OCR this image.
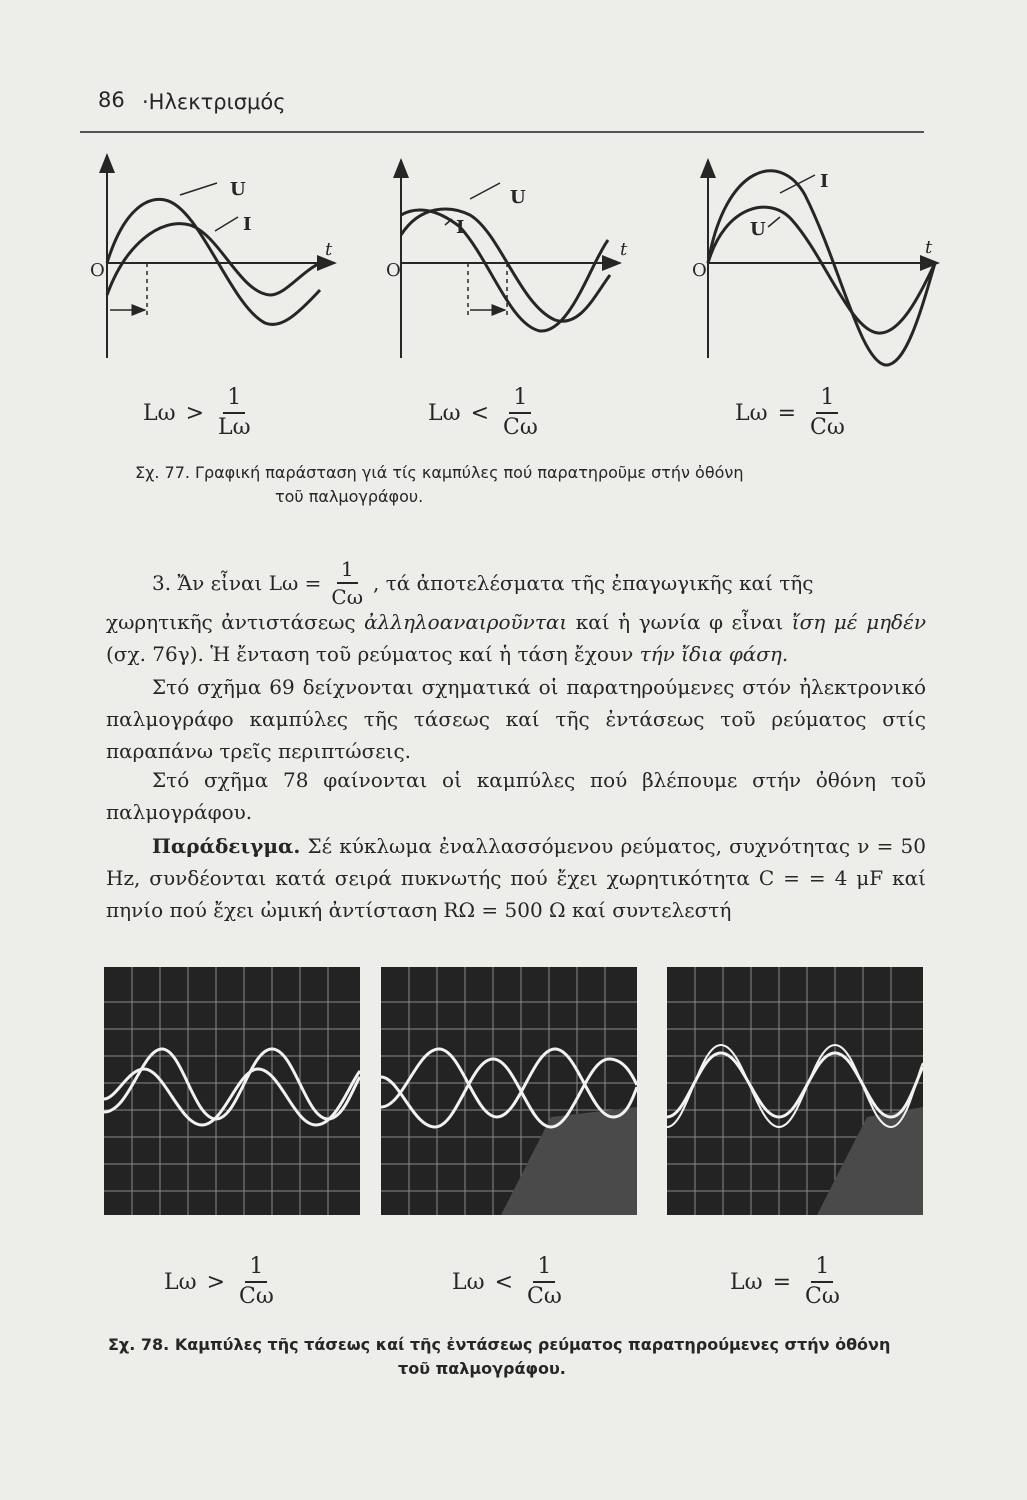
86 ·Ηλεκτρισμός
O
t
U
I
O
t
U
I
O
t
I
U
Lω >
1
Lω
Lω <
1
Cω
$L\omega = \frac{1}{C\omega}$
Σχ. 77. Γραφική παράσταση γιά τίς καμπύλες πού παρατηροῦμε στήν ὀθόνη
τοῦ παλμογράφου.
3. Ἄν εἶναι Lω =
1
Cω
, τά ἀποτελέσματα τῆς ἐπαγωγικῆς καί τῆς
χωρητικῆς ἀντιστάσεως ἀλληλοαναιροῦνται καί ἡ γωνία φ εἶναι ἴση μέ μηδέν (σχ. 76γ). Ἡ ἔνταση τοῦ ρεύματος καί ἡ τάση ἔχουν τήν ἴδια φάση.
Στό σχῆμα 69 δείχνονται σχηματικά οἱ παρατηρούμενες στόν ἠλεκτρονικό παλμογράφο καμπύλες τῆς τάσεως καί τῆς ἐντάσεως τοῦ ρεύματος στίς παραπάνω τρεῖς περιπτώσεις.
Στό σχῆμα 78 φαίνονται οἱ καμπύλες πού βλέπουμε στήν ὀθόνη τοῦ παλμογράφου.
Παράδειγμα. Σέ κύκλωμα ἐναλλασσόμενου ρεύματος, συχνότητας ν = 50 Hz, συνδέονται κατά σειρά πυκνωτής πού ἔχει χωρητικότητα C = = 4 μF καί πηνίο πού ἔχει ὠμική ἀντίσταση RΩ = 500 Ω καί συντελεστή
Lω >
1
Cω
Lω <
1
Cω
$L\omega = \frac{1}{C\omega}$
Σχ. 78. Καμπύλες τῆς τάσεως καί τῆς ἐντάσεως ρεύματος παρατηρούμενες στήν ὀθόνη
τοῦ παλμογράφου.
